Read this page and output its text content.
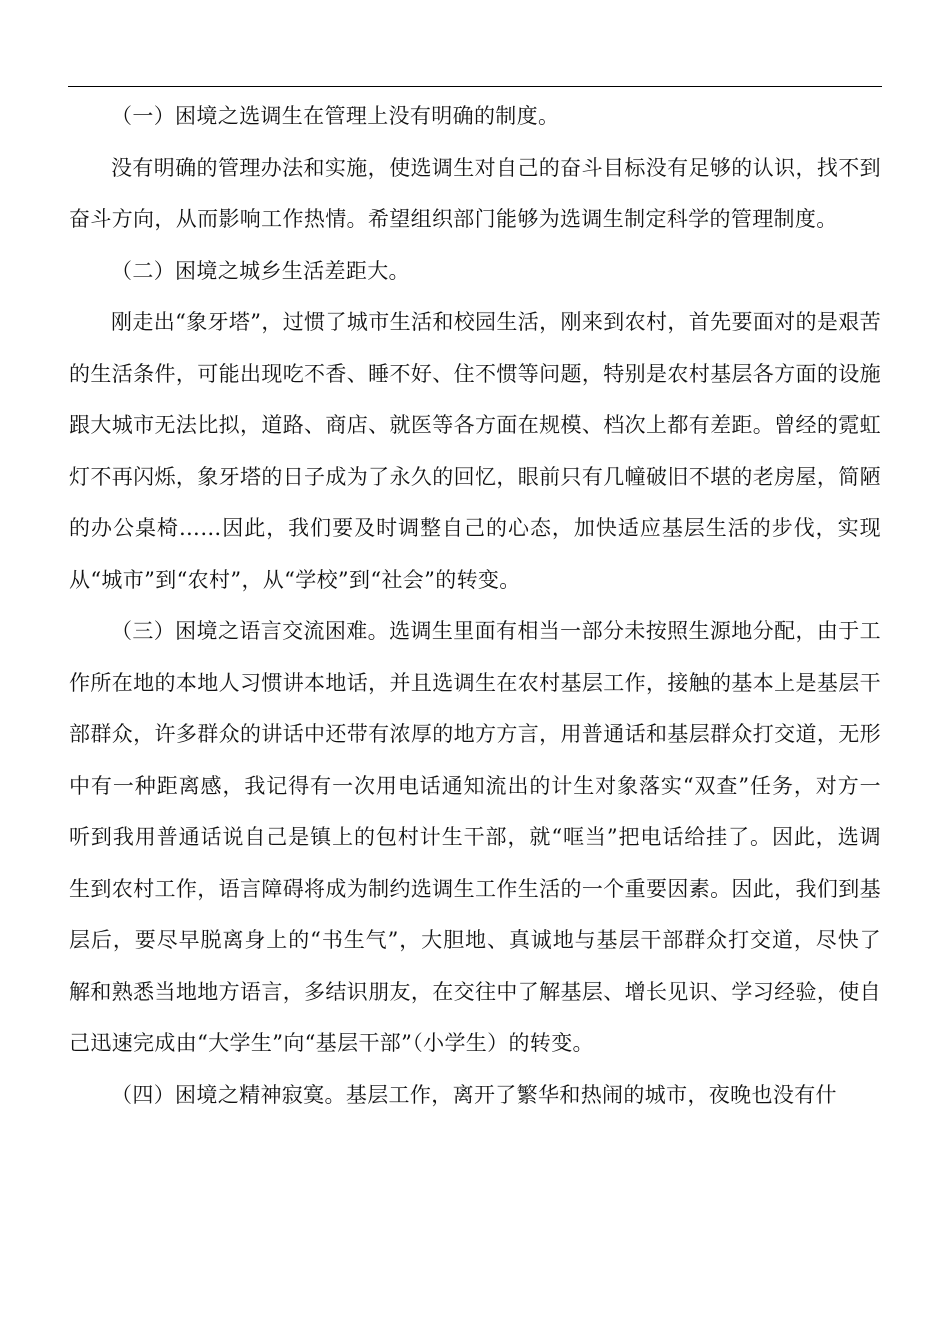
（一）困境之选调生在管理上没有明确的制度。

没有明确的管理办法和实施，使选调生对自己的奋斗目标没有足够的认识，找不到奋斗方向，从而影响工作热情。希望组织部门能够为选调生制定科学的管理制度。

（二）困境之城乡生活差距大。

刚走出“象牙塔”，过惯了城市生活和校园生活，刚来到农村，首先要面对的是艰苦的生活条件，可能出现吃不香、睡不好、住不惯等问题，特别是农村基层各方面的设施跟大城市无法比拟，道路、商店、就医等各方面在规模、档次上都有差距。曾经的霓虹灯不再闪烁，象牙塔的日子成为了永久的回忆，眼前只有几幢破旧不堪的老房屋，简陋的办公桌椅……因此，我们要及时调整自己的心态，加快适应基层生活的步伐，实现从“城市”到“农村”，从“学校”到“社会”的转变。

（三）困境之语言交流困难。选调生里面有相当一部分未按照生源地分配，由于工作所在地的本地人习惯讲本地话，并且选调生在农村基层工作，接触的基本上是基层干部群众，许多群众的讲话中还带有浓厚的地方方言，用普通话和基层群众打交道，无形中有一种距离感，我记得有一次用电话通知流出的计生对象落实“双查”任务，对方一听到我用普通话说自己是镇上的包村计生干部，就“哐当”把电话给挂了。因此，选调生到农村工作，语言障碍将成为制约选调生工作生活的一个重要因素。因此，我们到基层后，要尽早脱离身上的“书生气”，大胆地、真诚地与基层干部群众打交道，尽快了解和熟悉当地地方语言，多结识朋友，在交往中了解基层、增长见识、学习经验，使自己迅速完成由“大学生”向“基层干部”（小学生）的转变。

（四）困境之精神寂寞。基层工作，离开了繁华和热闹的城市，夜晚也没有什
